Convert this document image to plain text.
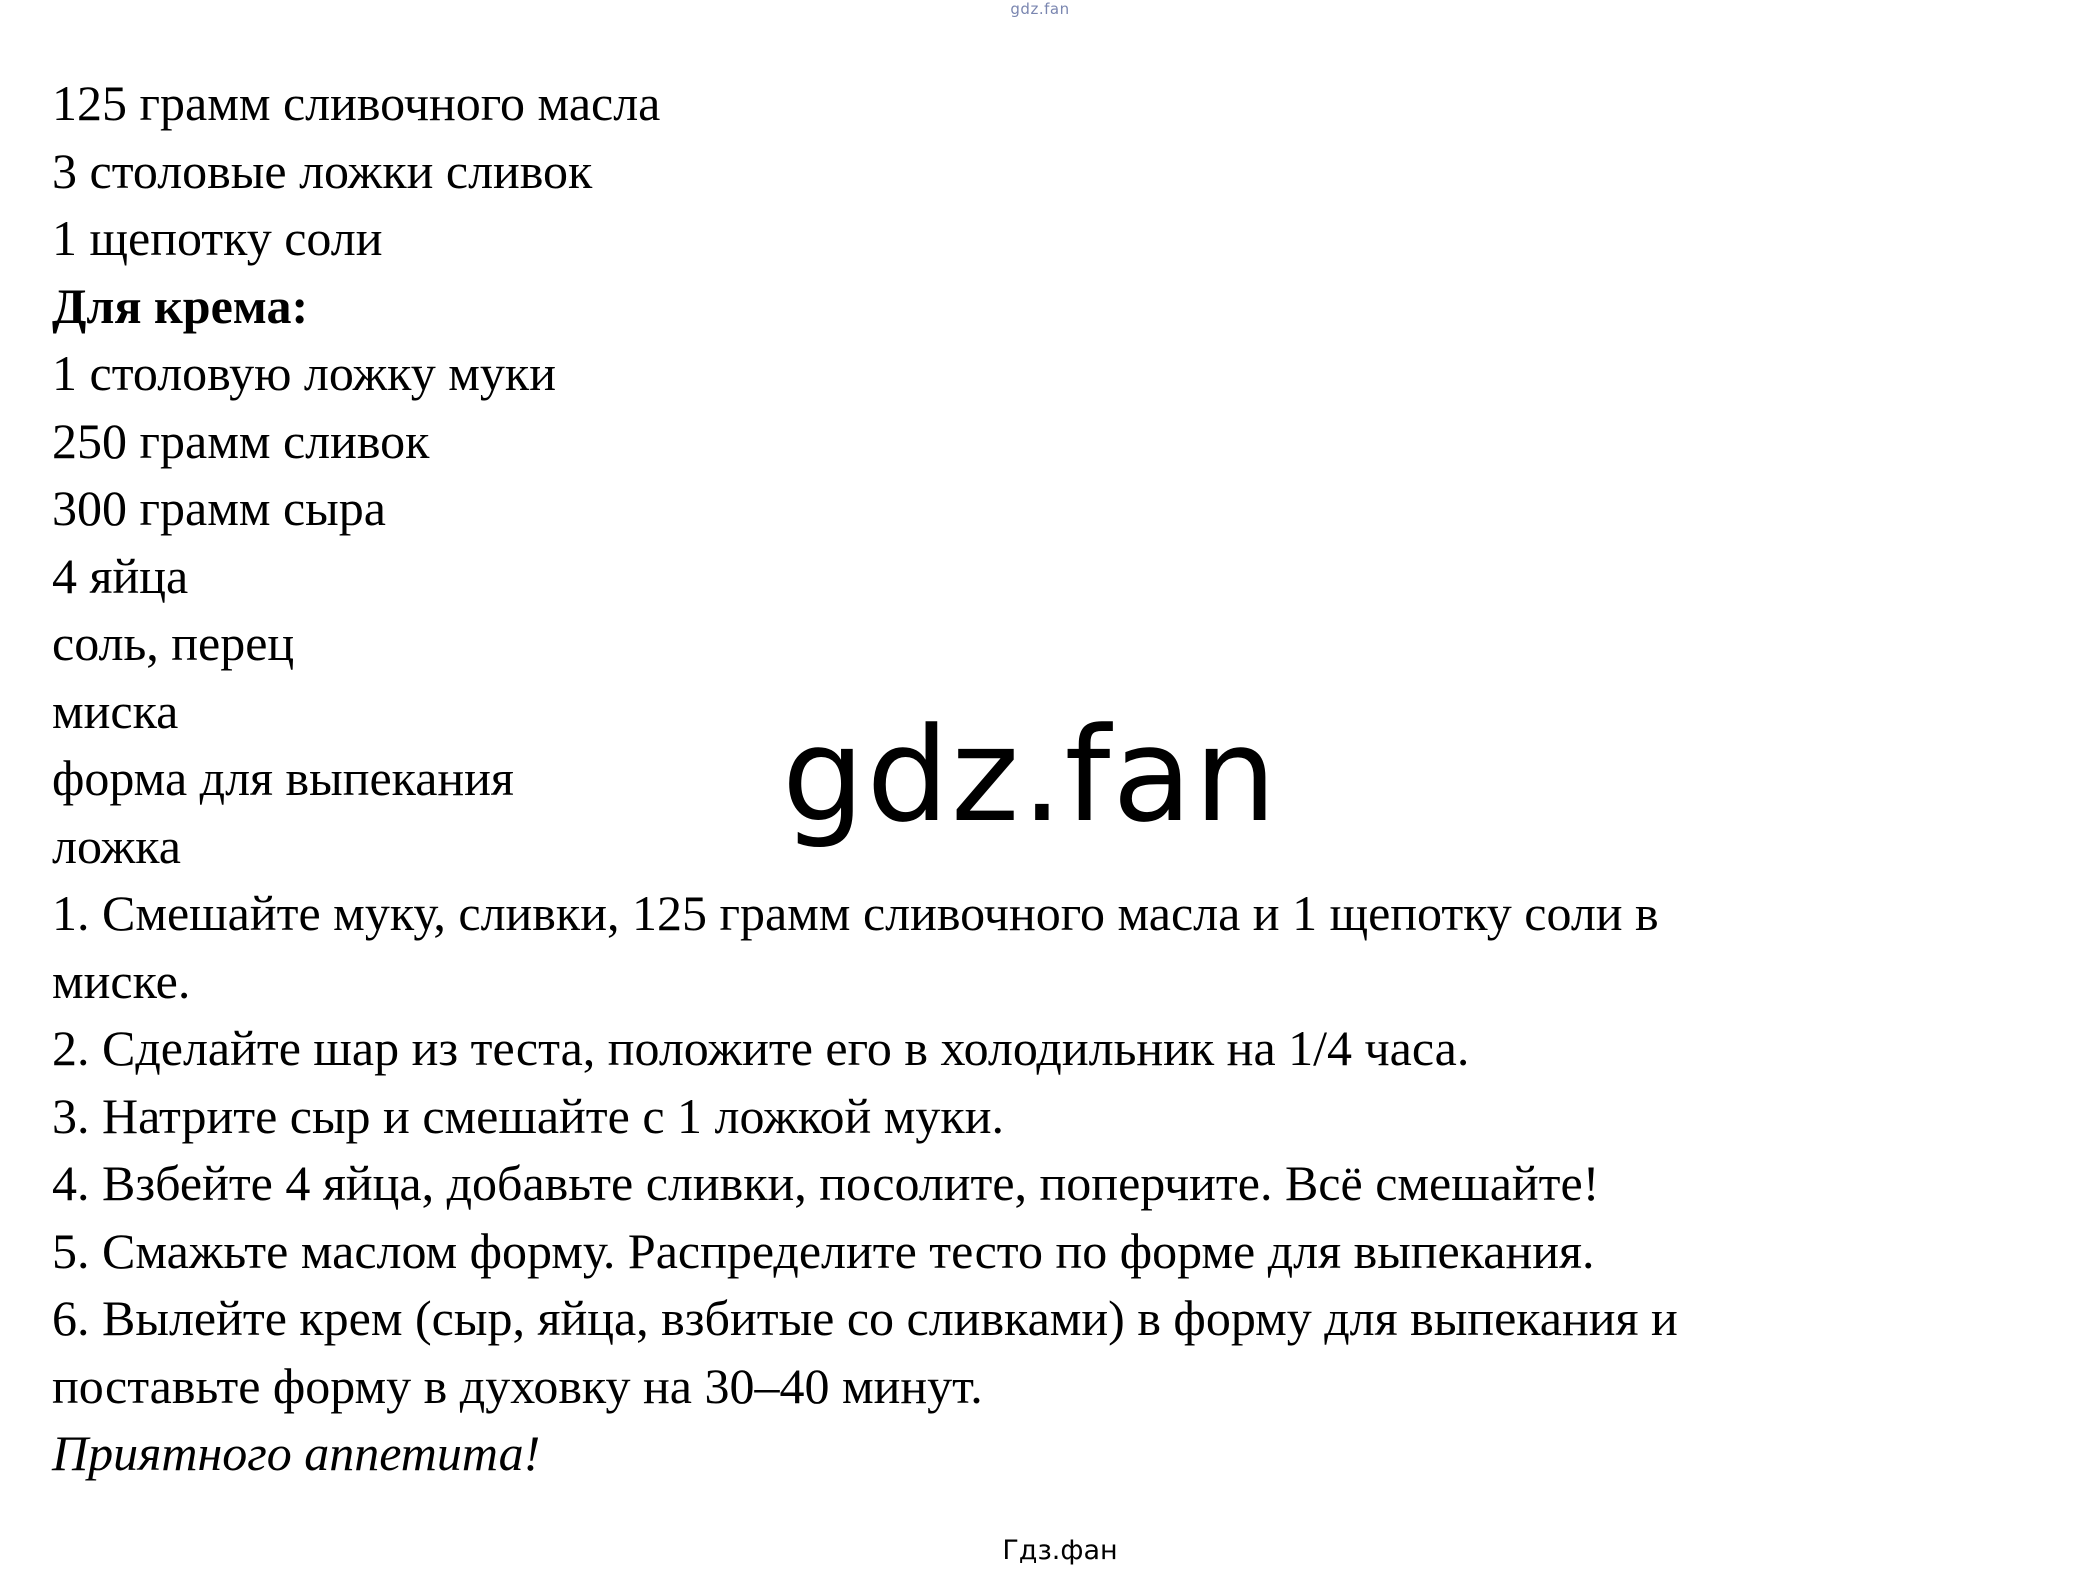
gdz.fan
125 грамм сливочного масла
3 столовые ложки сливок
1 щепотку соли
Для крема:
1 столовую ложку муки
250 грамм сливок
300 грамм сыра
4 яйца
соль, перец
миска
форма для выпекания
ложка
1. Смешайте муку, сливки, 125 грамм сливочного масла и 1 щепотку соли в
миске.
2. Сделайте шар из теста, положите его в холодильник на 1/4 часа.
3. Натрите сыр и смешайте с 1 ложкой муки.
4. Взбейте 4 яйца, добавьте сливки, посолите, поперчите. Всё смешайте!
5. Смажьте маслом форму. Распределите тесто по форме для выпекания.
6. Вылейте крем (сыр, яйца, взбитые со сливками) в форму для выпекания и
поставьте форму в духовку на 30–40 минут.
Приятного аппетита!
gdz.fan
Гдз.фан
